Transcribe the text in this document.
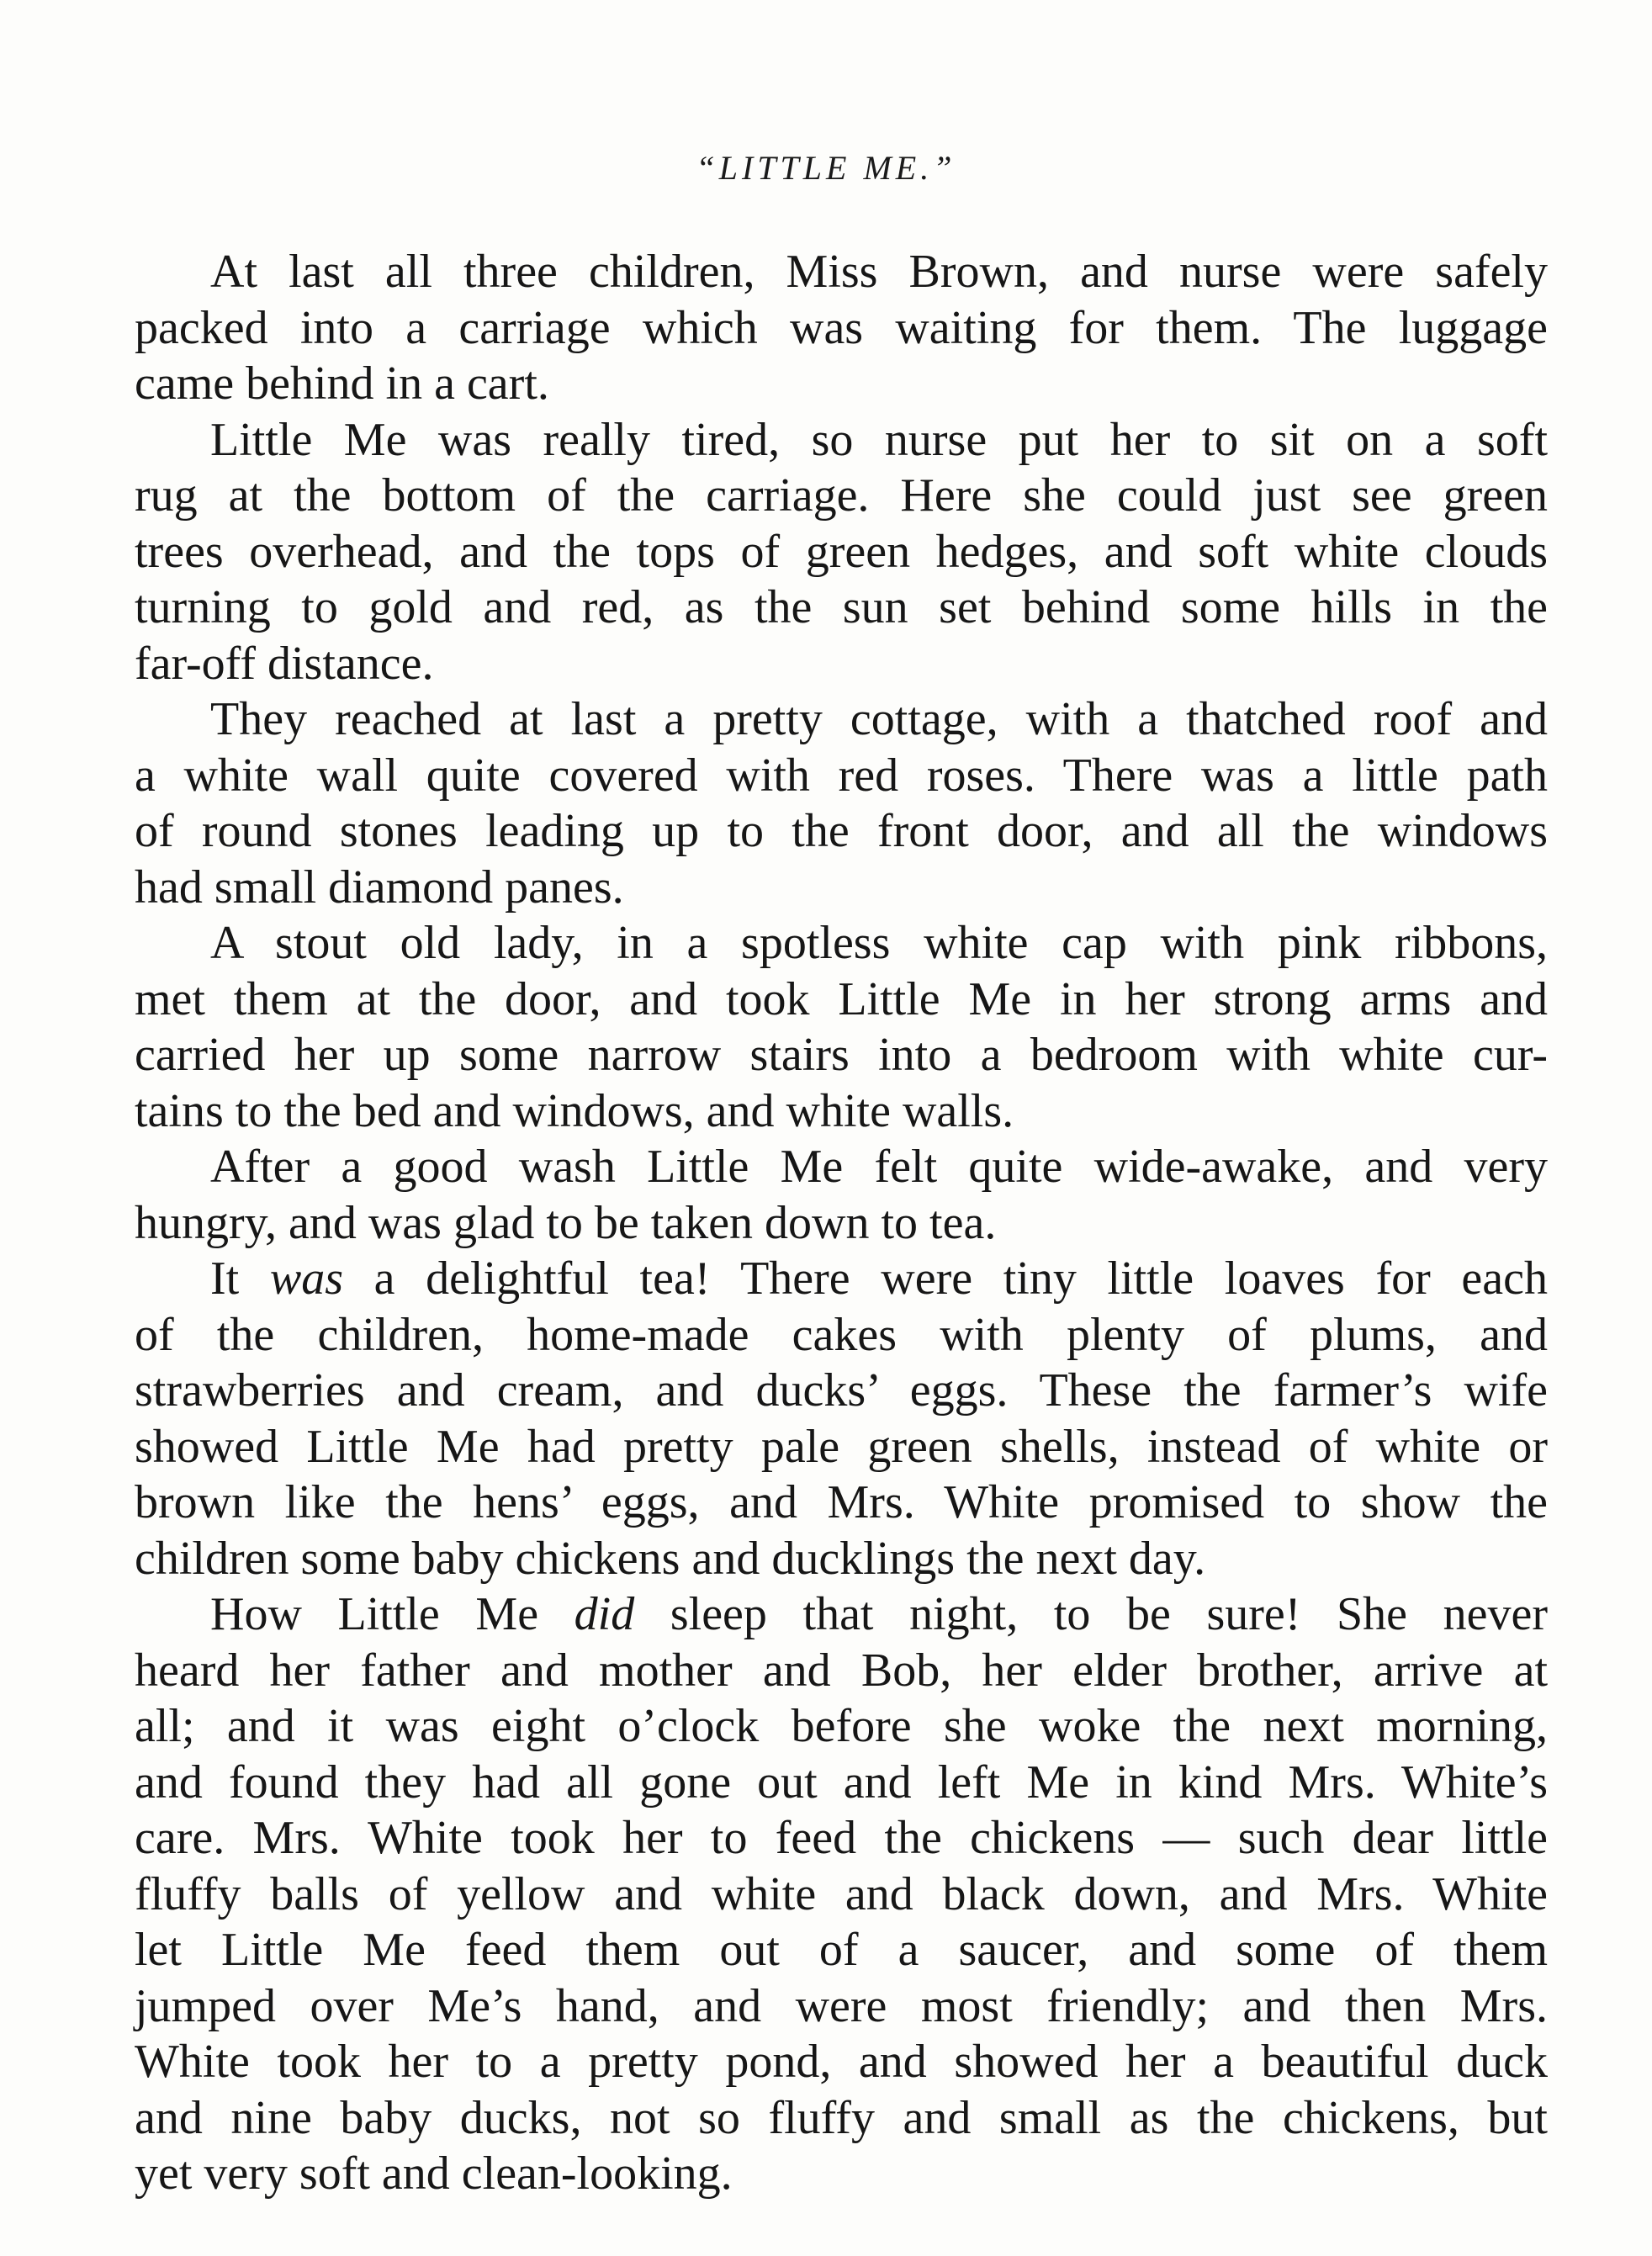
“LITTLE ME.”
At last all three children, Miss Brown, and nurse were safely
packed into a carriage which was waiting for them. The luggage
came behind in a cart.
Little Me was really tired, so nurse put her to sit on a soft
rug at the bottom of the carriage. Here she could just see green
trees overhead, and the tops of green hedges, and soft white clouds
turning to gold and red, as the sun set behind some hills in the
far-off distance.
They reached at last a pretty cottage, with a thatched roof and
a white wall quite covered with red roses. There was a little path
of round stones leading up to the front door, and all the windows
had small diamond panes.
A stout old lady, in a spotless white cap with pink ribbons,
met them at the door, and took Little Me in her strong arms and
carried her up some narrow stairs into a bedroom with white cur-
tains to the bed and windows, and white walls.
After a good wash Little Me felt quite wide-awake, and very
hungry, and was glad to be taken down to tea.
It was a delightful tea! There were tiny little loaves for each
of the children, home-made cakes with plenty of plums, and
strawberries and cream, and ducks’ eggs. These the farmer’s wife
showed Little Me had pretty pale green shells, instead of white or
brown like the hens’ eggs, and Mrs. White promised to show the
children some baby chickens and ducklings the next day.
How Little Me did sleep that night, to be sure! She never
heard her father and mother and Bob, her elder brother, arrive at
all; and it was eight o’clock before she woke the next morning,
and found they had all gone out and left Me in kind Mrs. White’s
care. Mrs. White took her to feed the chickens — such dear little
fluffy balls of yellow and white and black down, and Mrs. White
let Little Me feed them out of a saucer, and some of them
jumped over Me’s hand, and were most friendly; and then Mrs.
White took her to a pretty pond, and showed her a beautiful duck
and nine baby ducks, not so fluffy and small as the chickens, but
yet very soft and clean-looking.
